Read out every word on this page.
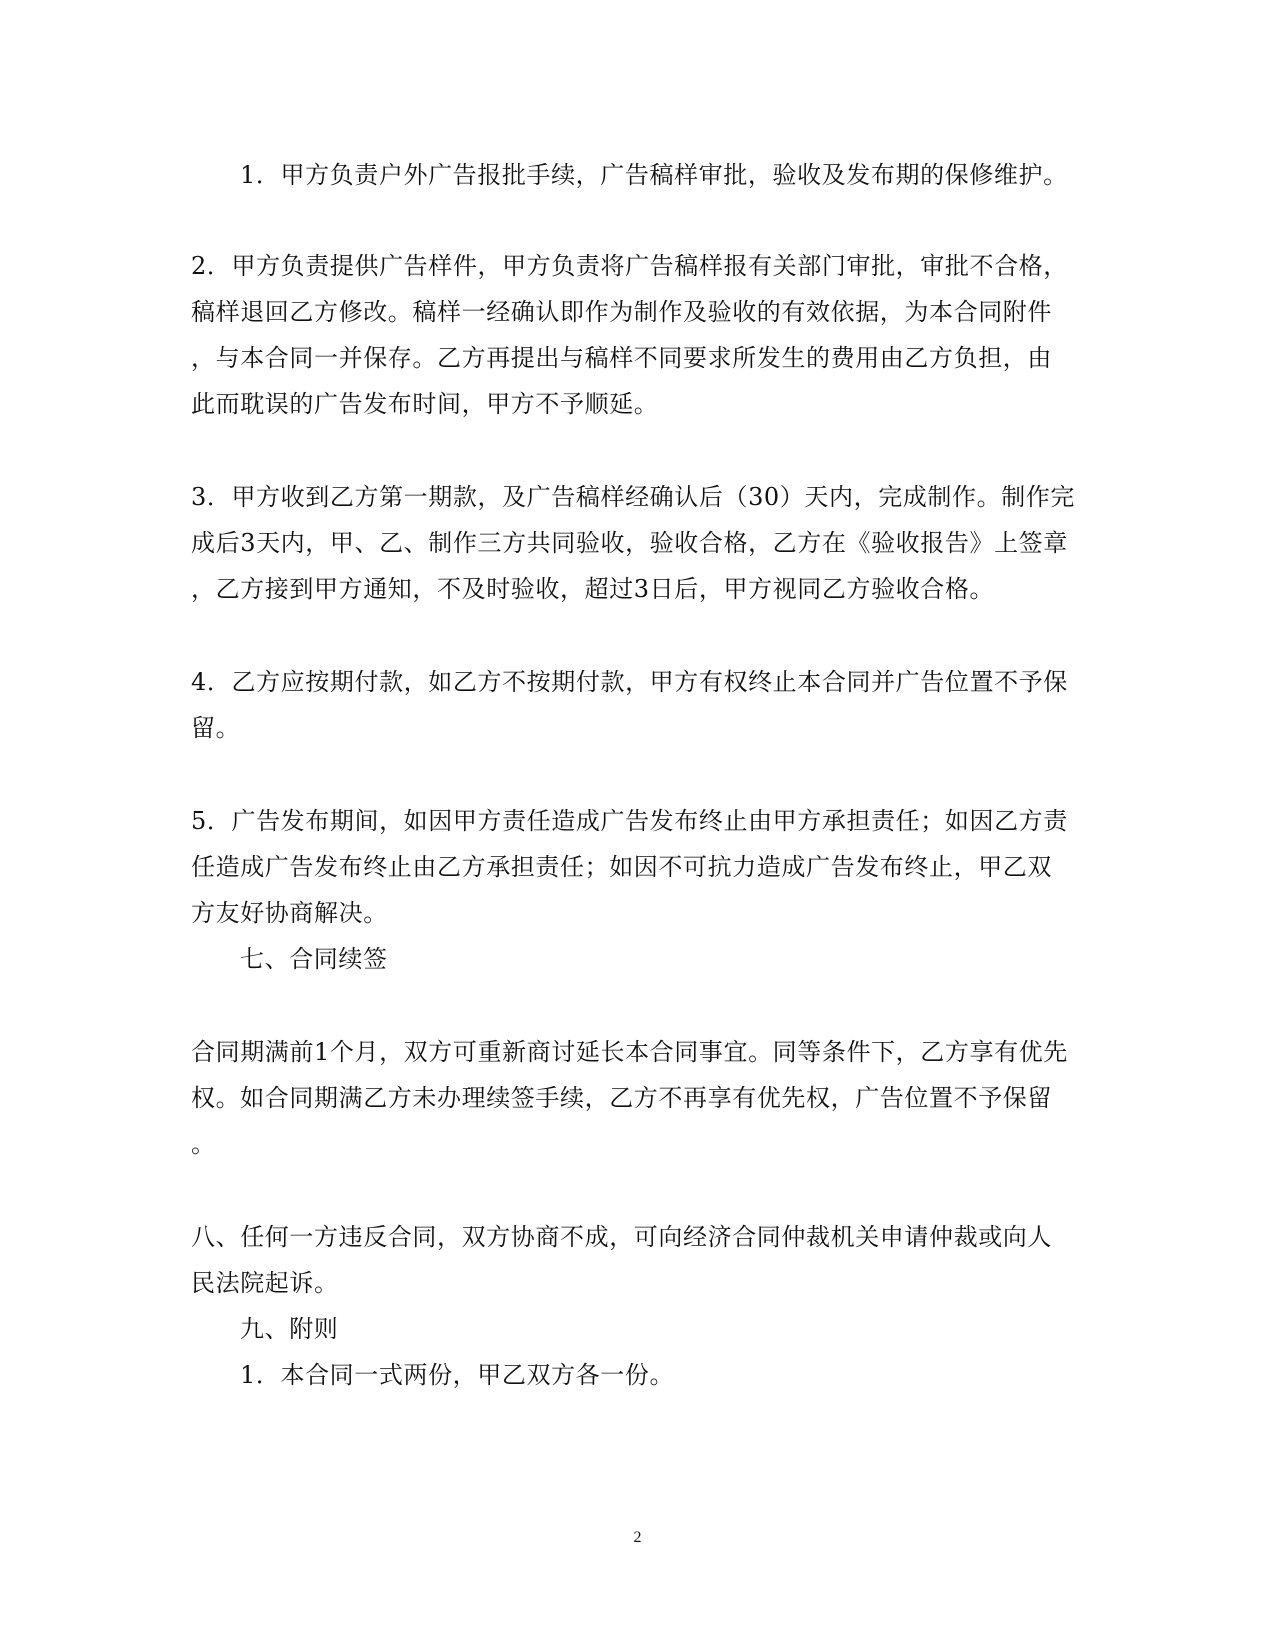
1．甲方负责户外广告报批手续，广告稿样审批，验收及发布期的保修维护。
2．甲方负责提供广告样件，甲方负责将广告稿样报有关部门审批，审批不合格，
稿样退回乙方修改。稿样一经确认即作为制作及验收的有效依据，为本合同附件
，与本合同一并保存。乙方再提出与稿样不同要求所发生的费用由乙方负担，由
此而耽误的广告发布时间，甲方不予顺延。
3．甲方收到乙方第一期款，及广告稿样经确认后（30）天内，完成制作。制作完
成后3天内，甲、乙、制作三方共同验收，验收合格，乙方在《验收报告》上签章
，乙方接到甲方通知，不及时验收，超过3日后，甲方视同乙方验收合格。
4．乙方应按期付款，如乙方不按期付款，甲方有权终止本合同并广告位置不予保
留。
5．广告发布期间，如因甲方责任造成广告发布终止由甲方承担责任；如因乙方责
任造成广告发布终止由乙方承担责任；如因不可抗力造成广告发布终止，甲乙双
方友好协商解决。
七、合同续签
合同期满前1个月，双方可重新商讨延长本合同事宜。同等条件下，乙方享有优先
权。如合同期满乙方未办理续签手续，乙方不再享有优先权，广告位置不予保留
。
八、任何一方违反合同，双方协商不成，可向经济合同仲裁机关申请仲裁或向人
民法院起诉。
九、附则
1．本合同一式两份，甲乙双方各一份。
2
